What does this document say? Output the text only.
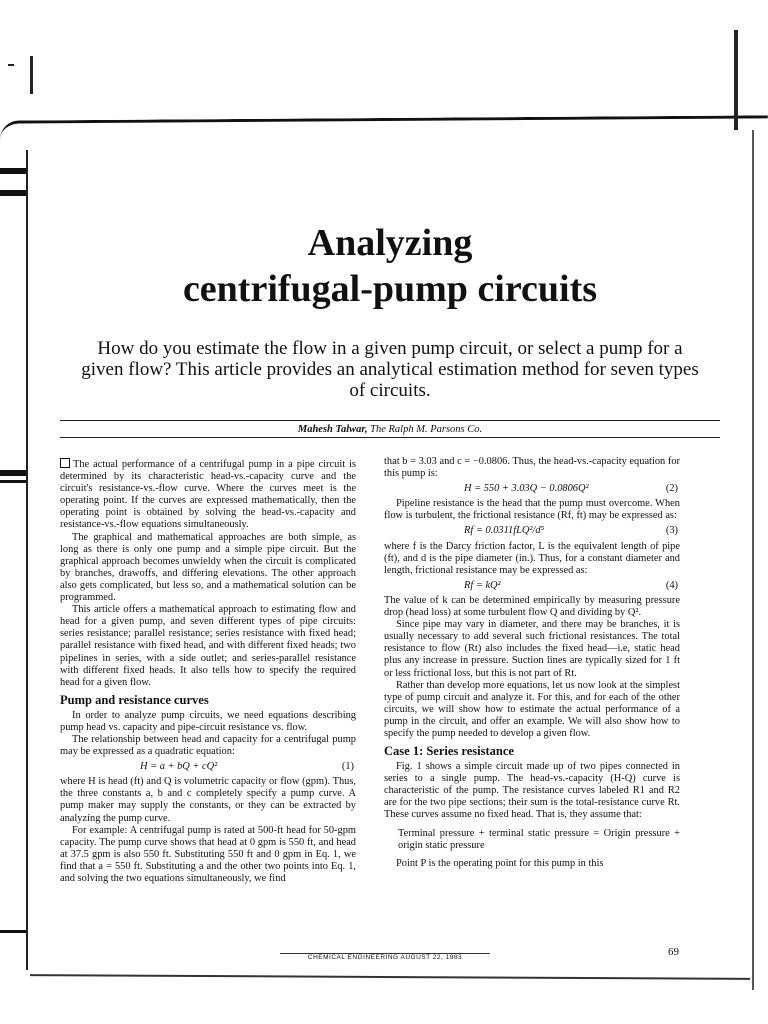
Analyzing
centrifugal-pump circuits

How do you estimate the flow in a given pump circuit, or select a pump for a given flow? This article provides an analytical estimation method for seven types of circuits.

Mahesh Talwar, The Ralph M. Parsons Co.

The actual performance of a centrifugal pump in a pipe circuit is determined by its characteristic head-vs.-capacity curve and the circuit's resistance-vs.-flow curve. Where the curves meet is the operating point. If the curves are expressed mathematically, then the operating point is obtained by solving the head-vs.-capacity and resistance-vs.-flow equations simultaneously.

The graphical and mathematical approaches are both simple, as long as there is only one pump and a simple pipe circuit. But the graphical approach becomes unwieldy when the circuit is complicated by branches, drawoffs, and differing elevations. The other approach also gets complicated, but less so, and a mathematical solution can be programmed.

This article offers a mathematical approach to estimating flow and head for a given pump, and seven different types of pipe circuits: series resistance; parallel resistance; series resistance with fixed head; parallel resistance with fixed head, and with different fixed heads; two pipelines in series, with a side outlet; and series-parallel resistance with different fixed heads. It also tells how to specify the required head for a given flow.

Pump and resistance curves

In order to analyze pump circuits, we need equations describing pump head vs. capacity and pipe-circuit resistance vs. flow.

The relationship between head and capacity for a centrifugal pump may be expressed as a quadratic equation:

H = a + bQ + cQ²	(1)

where H is head (ft) and Q is volumetric capacity or flow (gpm). Thus, the three constants a, b and c completely specify a pump curve. A pump maker may supply the constants, or they can be extracted by analyzing the pump curve.

For example: A centrifugal pump is rated at 500-ft head for 50-gpm capacity. The pump curve shows that head at 0 gpm is 550 ft, and head at 37.5 gpm is also 550 ft. Substituting 550 ft and 0 gpm in Eq. 1, we find that a = 550 ft. Substituting a and the other two points into Eq. 1, and solving the two equations simultaneously, we find

that b = 3.03 and c = −0.0806. Thus, the head-vs.-capacity equation for this pump is:

H = 550 + 3.03Q − 0.0806Q²	(2)

Pipeline resistance is the head that the pump must overcome. When flow is turbulent, the frictional resistance (Rf, ft) may be expressed as:

Rf = 0.0311fLQ²/d⁵	(3)

where f is the Darcy friction factor, L is the equivalent length of pipe (ft), and d is the pipe diameter (in.). Thus, for a constant diameter and length, frictional resistance may be expressed as:

Rf = kQ²	(4)

The value of k can be determined empirically by measuring pressure drop (head loss) at some turbulent flow Q and dividing by Q².

Since pipe may vary in diameter, and there may be branches, it is usually necessary to add several such frictional resistances. The total resistance to flow (Rt) also includes the fixed head—i.e, static head plus any increase in pressure. Suction lines are typically sized for 1 ft or less frictional loss, but this is not part of Rt.

Rather than develop more equations, let us now look at the simplest type of pump circuit and analyze it. For this, and for each of the other circuits, we will show how to estimate the actual performance of a pump in the circuit, and offer an example. We will also show how to specify the pump needed to develop a given flow.

Case 1: Series resistance

Fig. 1 shows a simple circuit made up of two pipes connected in series to a single pump. The head-vs.-capacity (H-Q) curve is characteristic of the pump. The resistance curves labeled R1 and R2 are for the two pipe sections; their sum is the total-resistance curve Rt. These curves assume no fixed head. That is, they assume that:

Terminal pressure + terminal static pressure = Origin pressure + origin static pressure

Point P is the operating point for this pump in this

CHEMICAL ENGINEERING AUGUST 22, 1983	69
